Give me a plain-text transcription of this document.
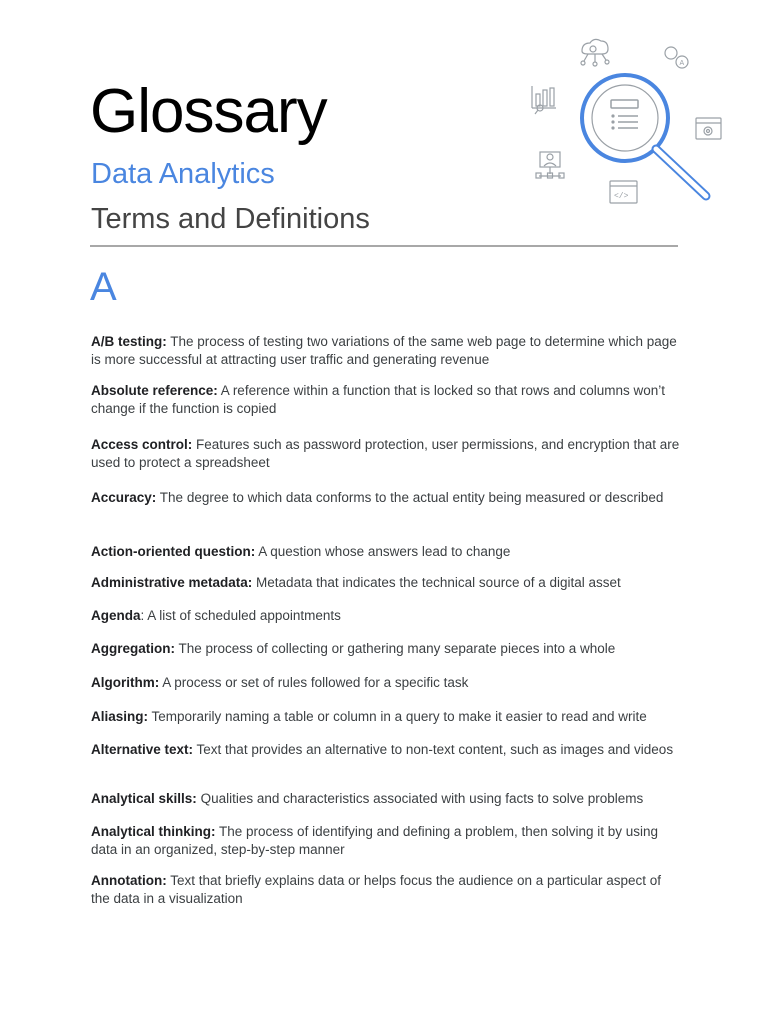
Glossary
Data Analytics
Terms and Definitions
A
</>
A

A/B testing: The process of testing two variations of the same web page to determine which page is more successful at attracting user traffic and generating revenue

Absolute reference: A reference within a function that is locked so that rows and columns won’t change if the function is copied

Access control: Features such as password protection, user permissions, and encryption that are used to protect a spreadsheet

Accuracy: The degree to which data conforms to the actual entity being measured or described

Action-oriented question: A question whose answers lead to change

Administrative metadata: Metadata that indicates the technical source of a digital asset

Agenda: A list of scheduled appointments

Aggregation: The process of collecting or gathering many separate pieces into a whole

Algorithm: A process or set of rules followed for a specific task

Aliasing: Temporarily naming a table or column in a query to make it easier to read and write

Alternative text: Text that provides an alternative to non-text content, such as images and videos

Analytical skills: Qualities and characteristics associated with using facts to solve problems

Analytical thinking: The process of identifying and defining a problem, then solving it by using data in an organized, step-by-step manner

Annotation: Text that briefly explains data or helps focus the audience on a particular aspect of the data in a visualization
